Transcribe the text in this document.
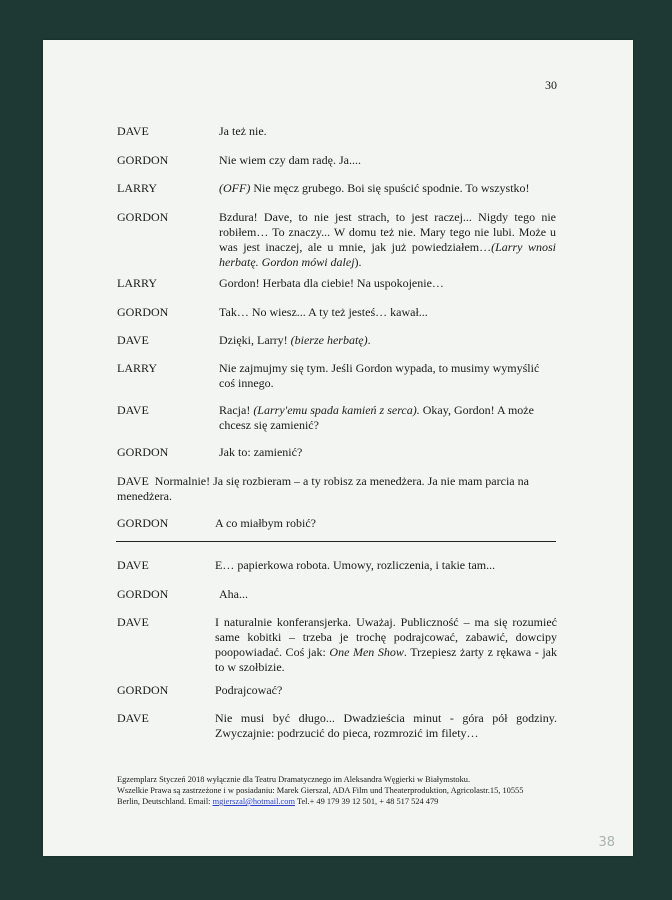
30
DAVE	Ja też nie.
GORDON	Nie wiem czy dam radę. Ja....
LARRY	(OFF) Nie męcz grubego. Boi się spuścić spodnie. To wszystko!
GORDON	Bzdura! Dave, to nie jest strach, to jest raczej... Nigdy tego nie robiłem… To znaczy... W domu też nie. Mary tego nie lubi. Może u was jest inaczej, ale u mnie, jak już powiedziałem…(Larry wnosi herbatę. Gordon mówi dalej).
LARRY	Gordon! Herbata dla ciebie! Na uspokojenie…
GORDON	Tak… No wiesz... A ty też jesteś… kawał...
DAVE	Dzięki, Larry! (bierze herbatę).
LARRY	Nie zajmujmy się tym. Jeśli Gordon wypada, to musimy wymyślić coś innego.
DAVE	Racja! (Larry'emu spada kamień z serca). Okay, Gordon! A może chcesz się zamienić?
GORDON	Jak to: zamienić?
DAVE Normalnie! Ja się rozbieram – a ty robisz za menedżera. Ja nie mam parcia na menedżera.
GORDON	A co miałbym robić?
DAVE	E… papierkowa robota. Umowy, rozliczenia, i takie tam...
GORDON	Aha...
DAVE	I naturalnie konferansjerka. Uważaj. Publiczność – ma się rozumieć same kobitki – trzeba je trochę podrajcować, zabawić, dowcipy poopowiadać. Coś jak: One Men Show. Trzepiesz żarty z rękawa - jak to w szołbizie.
GORDON	Podrajcować?
DAVE	Nie musi być długo... Dwadzieścia minut - góra pół godziny. Zwyczajnie: podrzucić do pieca, rozmrozić im filety…
Egzemplarz Styczeń 2018 wyłącznie dla Teatru Dramatycznego im Aleksandra Węgierki w Białymstoku.
Wszelkie Prawa są zastrzeżone i w posiadaniu: Marek Gierszal, ADA Film und Theaterproduktion, Agricolastr.15, 10555
Berlin, Deutschland. Email: mgierszal@hotmail.com Tel.+ 49 179 39 12 501, + 48 517 524 479
38
